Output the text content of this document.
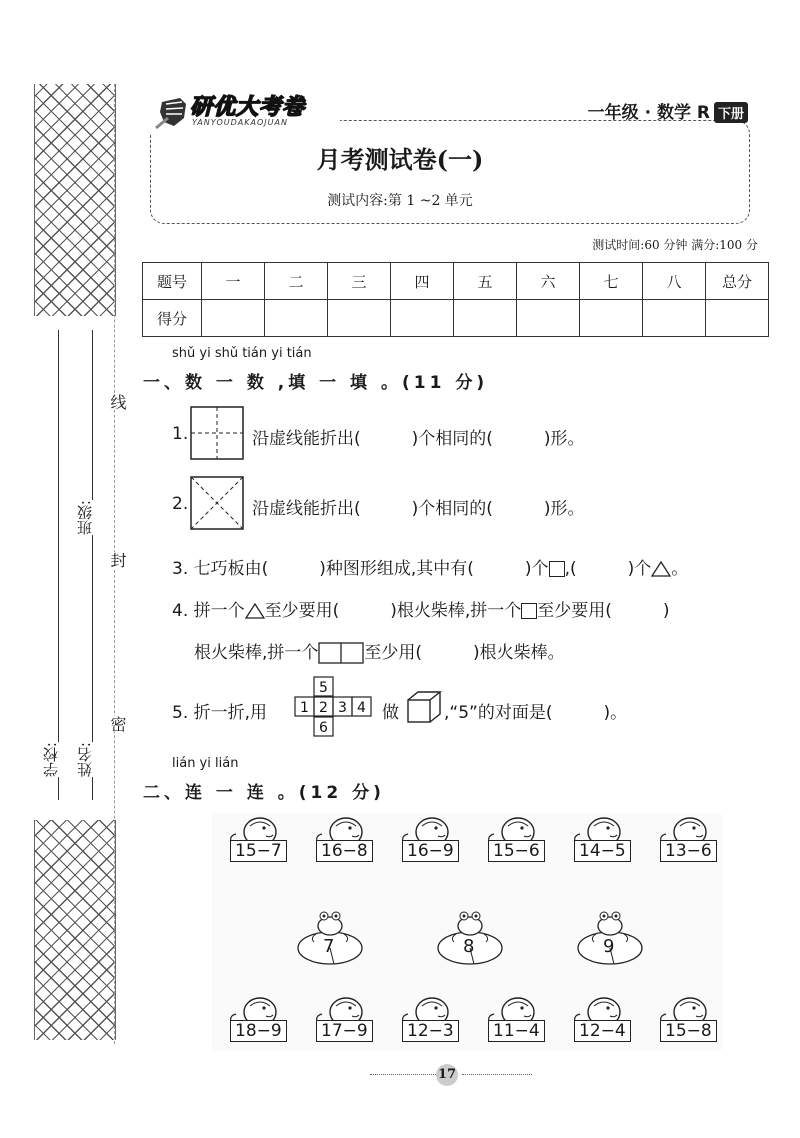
学校: 姓名:
班级:
密
封
线
研优大考卷
YANYOUDAKAOJUAN	一年级 · 数学 R 下册
月考测试卷(一)
测试内容:第 1 ~2 单元
测试时间:60 分钟 满分:100 分
题号	一	二	三	四	五	六	七	八	总分
得分									
shǔ yi shǔ tián yi tián
一、数 一 数 ,填 一 填 。(11 分)
1.	沿虚线能折出(　　　)个相同的(　　　)形。
2.	沿虚线能折出(　　　)个相同的(　　　)形。
3. 七巧板由(　　　)种图形组成,其中有(　　　)个 ,(　　　)个 。
4. 拼一个 至少要用(　　　)根火柴棒,拼一个 至少要用(　　　)
根火柴棒,拼一个	至少用(　　　)根火柴棒。
5. 折一折,用
5
1 2 3 4
6
做	,“5”的对面是(　　　)。
lián yi lián
二、连 一 连 。(12 分)
15−7 16−8 16−9 15−6 14−5 13−6
7	8	9
18−9 17−9 12−3 11−4 12−4 15−8
17
